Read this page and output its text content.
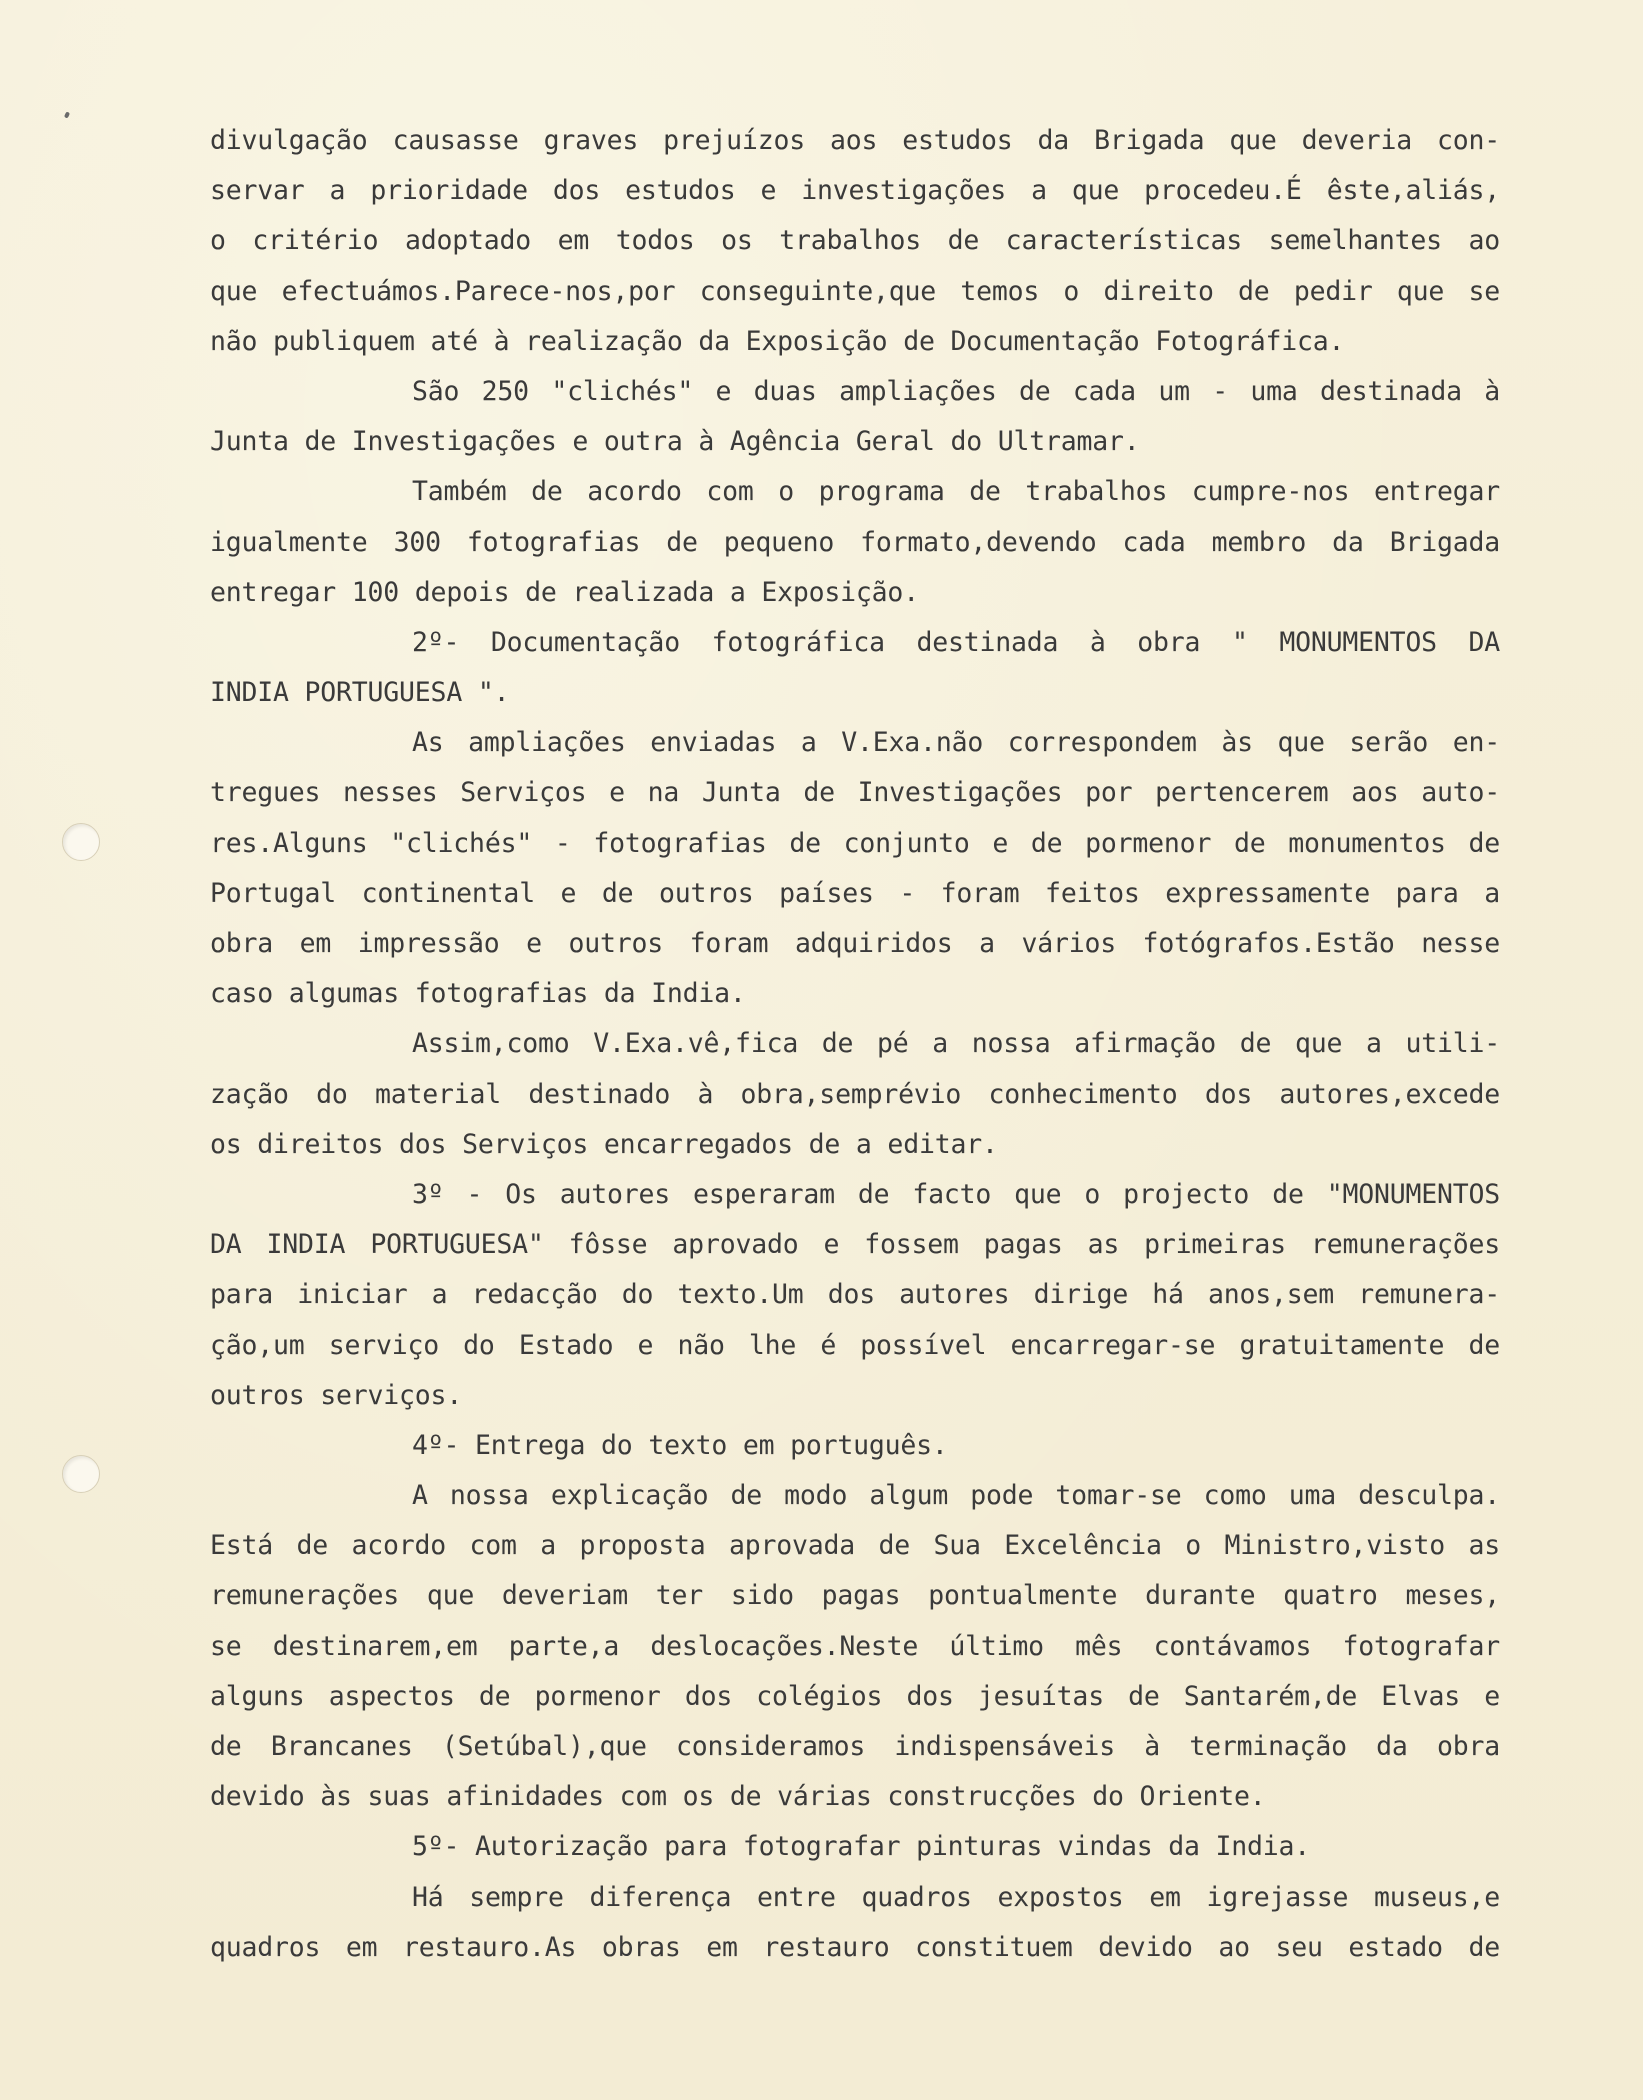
divulgação causasse graves prejuízos aos estudos da Brigada que deveria con-
servar a prioridade dos estudos e investigações a que procedeu.É êste,aliás,
o critério adoptado em todos os trabalhos de características semelhantes ao
que efectuámos.Parece-nos,por conseguinte,que temos o direito de pedir que se
não publiquem até à realização da Exposição de Documentação Fotográfica.
São 250 "clichés" e duas ampliações de cada um - uma destinada à
Junta de Investigações e outra à Agência Geral do Ultramar.
Também de acordo com o programa de trabalhos cumpre-nos entregar
igualmente 300 fotografias de pequeno formato,devendo cada membro da Brigada
entregar 100 depois de realizada a Exposição.
2º- Documentação fotográfica destinada à obra " MONUMENTOS DA
INDIA PORTUGUESA ".
As ampliações enviadas a V.Exa.não correspondem às que serão en-
tregues nesses Serviços e na Junta de Investigações por pertencerem aos auto-
res.Alguns "clichés" - fotografias de conjunto e de pormenor de monumentos de
Portugal continental e de outros países - foram feitos expressamente para a
obra em impressão e outros foram adquiridos a vários fotógrafos.Estão nesse
caso algumas fotografias da India.
Assim,como V.Exa.vê,fica de pé a nossa afirmação de que a utili-
zação do material destinado à obra,semprévio conhecimento dos autores,excede
os direitos dos Serviços encarregados de a editar.
3º - Os autores esperaram de facto que o projecto de "MONUMENTOS
DA INDIA PORTUGUESA" fôsse aprovado e fossem pagas as primeiras remunerações
para iniciar a redacção do texto.Um dos autores dirige há anos,sem remunera-
ção,um serviço do Estado e não lhe é possível encarregar-se gratuitamente de
outros serviços.
4º- Entrega do texto em português.
A nossa explicação de modo algum pode tomar-se como uma desculpa.
Está de acordo com a proposta aprovada de Sua Excelência o Ministro,visto as
remunerações que deveriam ter sido pagas pontualmente durante quatro meses,
se destinarem,em parte,a deslocações.Neste último mês contávamos fotografar
alguns aspectos de pormenor dos colégios dos jesuítas de Santarém,de Elvas e
de Brancanes (Setúbal),que consideramos indispensáveis à terminação da obra
devido às suas afinidades com os de várias construcções do Oriente.
5º- Autorização para fotografar pinturas vindas da India.
Há sempre diferença entre quadros expostos em igrejasse museus,e
quadros em restauro.As obras em restauro constituem devido ao seu estado de
